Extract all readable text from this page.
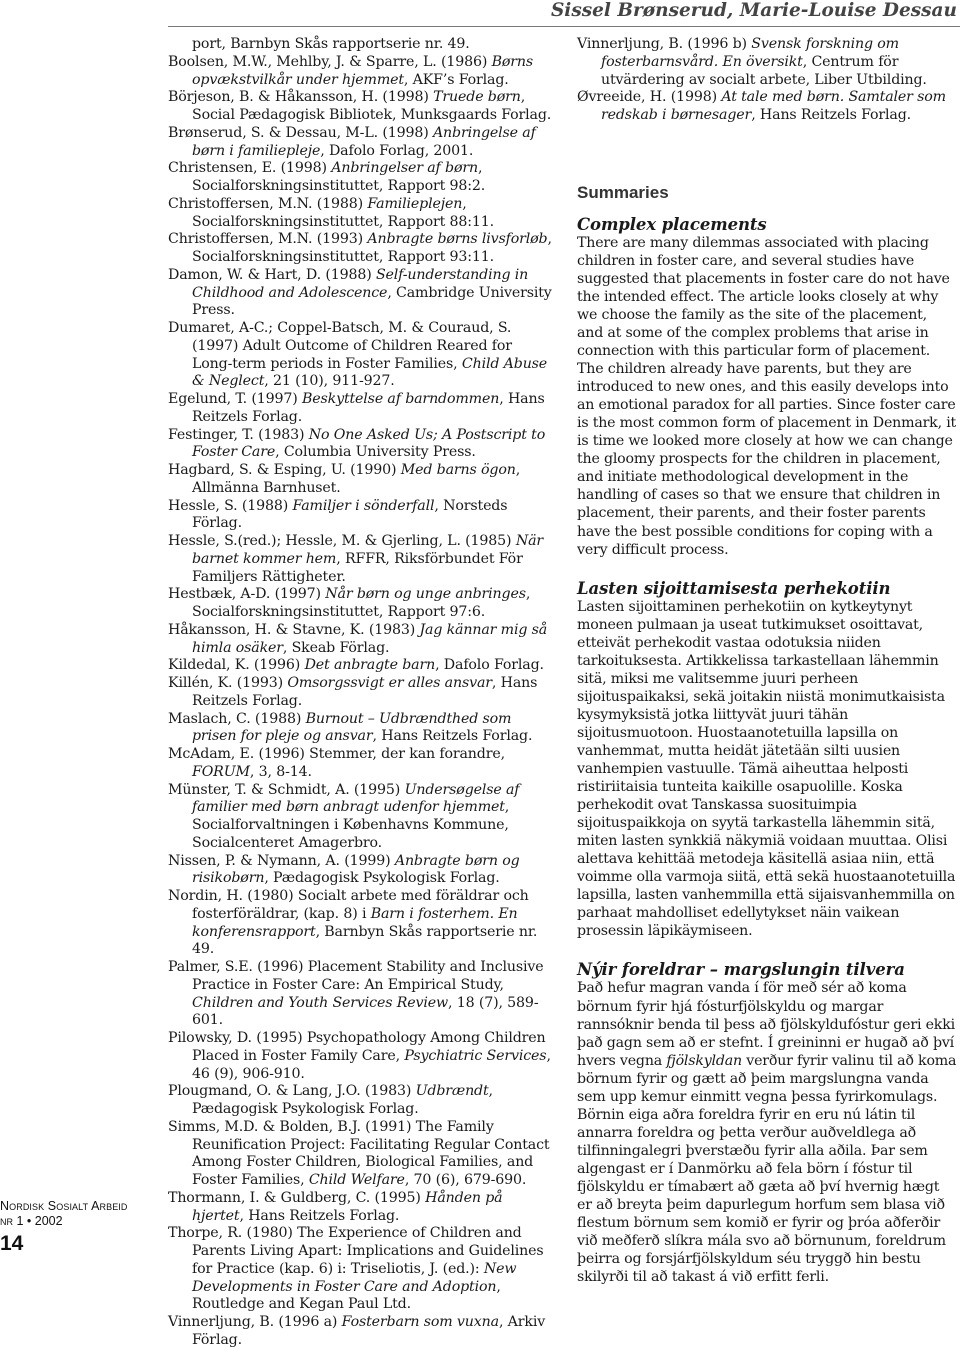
Sissel Brønserud, Marie-Louise Dessau
Nordisk Sosialt Arbeid
nr 1 • 2002
14

port, Barnbyn Skås rapportserie nr. 49.

Boolsen, M.W., Mehlby, J. & Sparre, L. (1986) Børns opvækstvilkår under hjemmet, AKF’s Forlag.

Börjeson, B. & Håkansson, H. (1998) Truede børn, Social Pædagogisk Bibliotek, Munksgaards Forlag.

Brønserud, S. & Dessau, M-L. (1998) Anbringelse af børn i familiepleje, Dafolo Forlag, 2001.

Christensen, E. (1998) Anbringelser af børn, Socialforskningsinstituttet, Rapport 98:2.

Christoffersen, M.N. (1988) Familieplejen, Socialforskningsinstituttet, Rapport 88:11.

Christoffersen, M.N. (1993) Anbragte børns livsforløb, Socialforskningsinstituttet, Rapport 93:11.

Damon, W. & Hart, D. (1988) Self-understanding in Childhood and Adolescence, Cambridge University Press.

Dumaret, A-C.; Coppel-Batsch, M. & Couraud, S. (1997) Adult Outcome of Children Reared for Long-term periods in Foster Families, Child Abuse & Neglect, 21 (10), 911-927.

Egelund, T. (1997) Beskyttelse af barndommen, Hans Reitzels Forlag.

Festinger, T. (1983) No One Asked Us; A Postscript to Foster Care, Columbia University Press.

Hagbard, S. & Esping, U. (1990) Med barns ögon, Allmänna Barnhuset.

Hessle, S. (1988) Familjer i sönderfall, Norsteds Förlag.

Hessle, S.(red.); Hessle, M. & Gjerling, L. (1985) När barnet kommer hem, RFFR, Riksförbundet För Familjers Rättigheter.

Hestbæk, A-D. (1997) Når børn og unge anbringes, Socialforskningsinstituttet, Rapport 97:6.

Håkansson, H. & Stavne, K. (1983) Jag kännar mig så himla osäker, Skeab Förlag.

Kildedal, K. (1996) Det anbragte barn, Dafolo Forlag.

Killén, K. (1993) Omsorgssvigt er alles ansvar, Hans Reitzels Forlag.

Maslach, C. (1988) Burnout – Udbrændthed som prisen for pleje og ansvar, Hans Reitzels Forlag.

McAdam, E. (1996) Stemmer, der kan forandre, FORUM, 3, 8-14.

Münster, T. & Schmidt, A. (1995) Undersøgelse af familier med børn anbragt udenfor hjemmet, Socialforvaltningen i Københavns Kommune, Socialcenteret Amagerbro.

Nissen, P. & Nymann, A. (1999) Anbragte børn og risikobørn, Pædagogisk Psykologisk Forlag.

Nordin, H. (1980) Socialt arbete med föräldrar och fosterföräldrar, (kap. 8) i Barn i fosterhem. En konferensrapport, Barnbyn Skås rapportserie nr. 49.

Palmer, S.E. (1996) Placement Stability and Inclusive Practice in Foster Care: An Empirical Study, Children and Youth Services Review, 18 (7), 589-601.

Pilowsky, D. (1995) Psychopathology Among Children Placed in Foster Family Care, Psychiatric Services, 46 (9), 906-910.

Plougmand, O. & Lang, J.O. (1983) Udbrændt, Pædagogisk Psykologisk Forlag.

Simms, M.D. & Bolden, B.J. (1991) The Family Reunification Project: Facilitating Regular Contact Among Foster Children, Biological Families, and Foster Families, Child Welfare, 70 (6), 679-690.

Thormann, I. & Guldberg, C. (1995) Hånden på hjertet, Hans Reitzels Forlag.

Thorpe, R. (1980) The Experience of Children and Parents Living Apart: Implications and Guidelines for Practice (kap. 6) i: Triseliotis, J. (ed.): New Developments in Foster Care and Adoption, Routledge and Kegan Paul Ltd.

Vinnerljung, B. (1996 a) Fosterbarn som vuxna, Arkiv Förlag.

Vinnerljung, B. (1996 b) Svensk forskning om fosterbarnsvård. En översikt, Centrum för utvärdering av socialt arbete, Liber Utbilding.

Øvreeide, H. (1998) At tale med børn. Samtaler som redskab i børnesager, Hans Reitzels Forlag.

Summaries
Complex placements

There are many dilemmas associated with placing children in foster care, and several studies have suggested that placements in foster care do not have the intended effect. The article looks closely at why we choose the family as the site of the placement, and at some of the complex problems that arise in connection with this particular form of placement. The children already have parents, but they are introduced to new ones, and this easily develops into an emotional paradox for all parties. Since foster care is the most common form of placement in Denmark, it is time we looked more closely at how we can change the gloomy prospects for the children in placement, and initiate methodological development in the handling of cases so that we ensure that children in placement, their parents, and their foster parents have the best possible conditions for coping with a very difficult process.

Lasten sijoittamisesta perhekotiin

Lasten sijoittaminen perhekotiin on kytkeytynyt moneen pulmaan ja useat tutkimukset osoittavat, etteivät perhekodit vastaa odotuksia niiden tarkoituksesta. Artikkelissa tarkastellaan lähemmin sitä, miksi me valitsemme juuri perheen sijoituspaikaksi, sekä joitakin niistä monimutkaisista kysymyksistä jotka liittyvät juuri tähän sijoitusmuotoon. Huostaanotetuilla lapsilla on vanhemmat, mutta heidät jätetään silti uusien vanhempien vastuulle. Tämä aiheuttaa helposti ristiriitaisia tunteita kaikille osapuolille. Koska perhekodit ovat Tanskassa suosituimpia sijoituspaikkoja on syytä tarkastella lähemmin sitä, miten lasten synkkiä näkymiä voidaan muuttaa. Olisi alettava kehittää metodeja käsitellä asiaa niin, että voimme olla varmoja siitä, että sekä huostaanotetuilla lapsilla, lasten vanhemmilla että sijaisvanhemmilla on parhaat mahdolliset edellytykset näin vaikean prosessin läpikäymiseen.

Nýir foreldrar – margslungin tilvera

Það hefur magran vanda í för með sér að koma börnum fyrir hjá fósturfjölskyldu og margar rannsóknir benda til þess að fjölskyldufóstur geri ekki það gagn sem að er stefnt. Í greininni er hugað að því hvers vegna fjölskyldan verður fyrir valinu til að koma börnum fyrir og gætt að þeim margslungna vanda sem upp kemur einmitt vegna þessa fyrirkomulags. Börnin eiga aðra foreldra fyrir en eru nú látin til annarra foreldra og þetta verður auðveldlega að tilfinningalegri þverstæðu fyrir alla aðila. Þar sem algengast er í Danmörku að fela börn í fóstur til fjölskyldu er tímabært að gæta að því hvernig hægt er að breyta þeim dapurlegum horfum sem blasa við flestum börnum sem komið er fyrir og þróa aðferðir við meðferð slíkra mála svo að börnunum, foreldrum þeirra og forsjárfjölskyldum séu tryggð hin bestu skilyrði til að takast á við erfitt ferli.
